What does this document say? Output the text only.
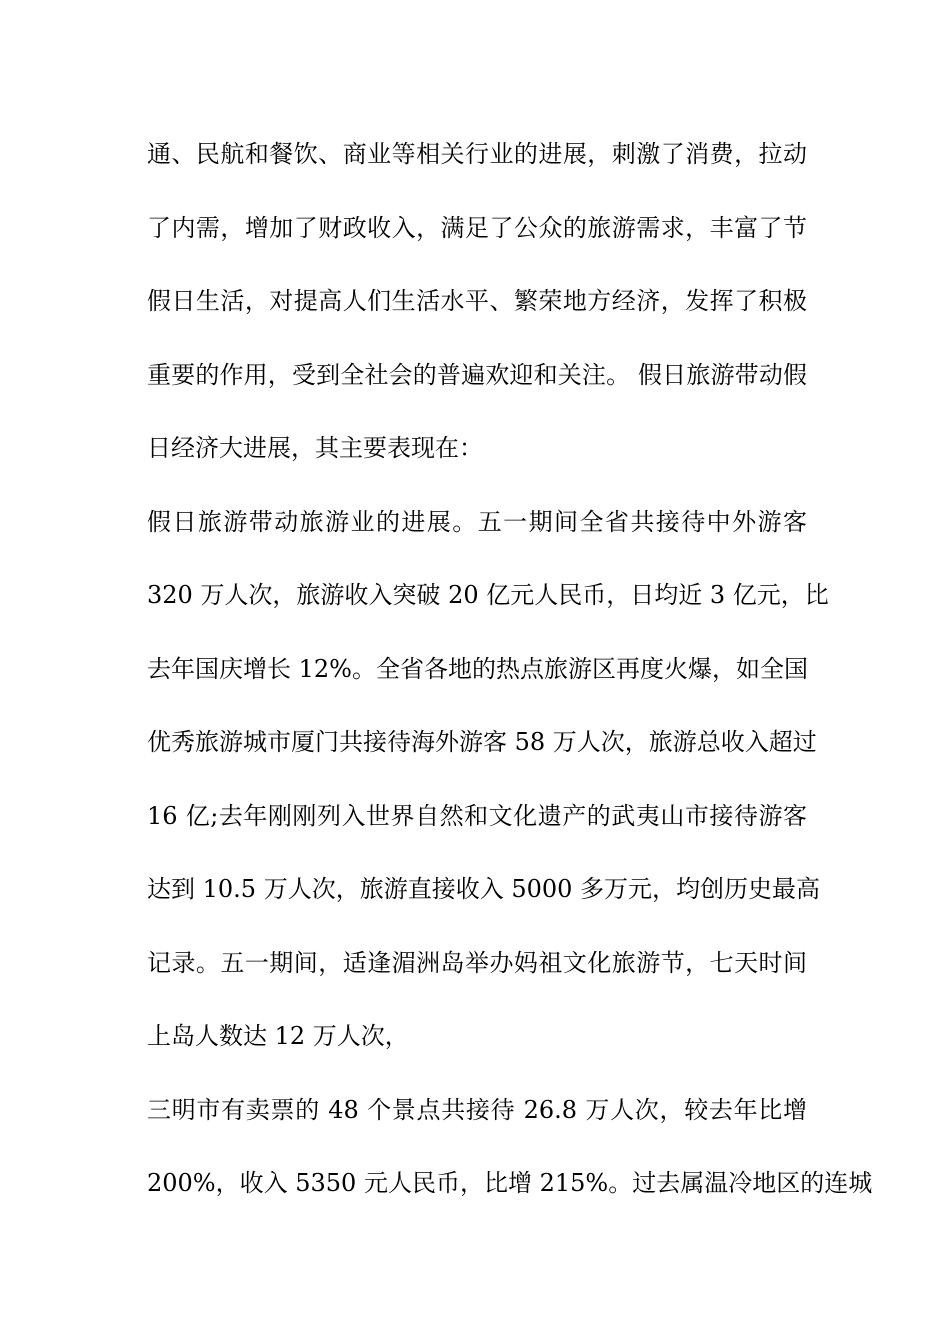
通、民航和餐饮、商业等相关行业的进展，刺激了消费，拉动
了内需，增加了财政收入，满足了公众的旅游需求，丰富了节
假日生活，对提高人们生活水平、繁荣地方经济，发挥了积极
重要的作用，受到全社会的普遍欢迎和关注。 假日旅游带动假
日经济大进展，其主要表现在：
假日旅游带动旅游业的进展。五一期间全省共接待中外游客
320 万人次，旅游收入突破 20 亿元人民币，日均近 3 亿元，比
去年国庆增长 12%。全省各地的热点旅游区再度火爆，如全国
优秀旅游城市厦门共接待海外游客 58 万人次，旅游总收入超过
16 亿;去年刚刚列入世界自然和文化遗产的武夷山市接待游客
达到 10.5 万人次，旅游直接收入 5000 多万元，均创历史最高
记录。五一期间，适逢湄洲岛举办妈祖文化旅游节，七天时间
上岛人数达 12 万人次，
三明市有卖票的 48 个景点共接待 26.8 万人次，较去年比增
200%，收入 5350 元人民币，比增 215%。过去属温冷地区的连城
